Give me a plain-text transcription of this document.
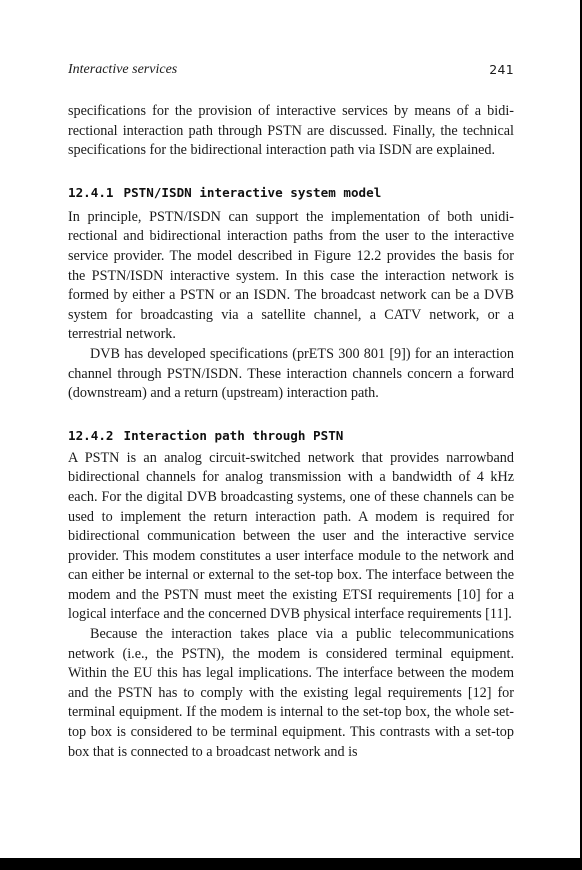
Interactive services	241

specifications for the provision of interactive services by means of a bidirectional interaction path through PSTN are discussed. Finally, the technical specifications for the bidirectional interaction path via ISDN are explained.

12.4.1 PSTN/ISDN interactive system model

In principle, PSTN/ISDN can support the implementation of both unidirectional and bidirectional interaction paths from the user to the interactive service provider. The model described in Figure 12.2 provides the basis for the PSTN/ISDN interactive system. In this case the interaction network is formed by either a PSTN or an ISDN. The broadcast network can be a DVB system for broadcasting via a satellite channel, a CATV network, or a terrestrial network.

DVB has developed specifications (prETS 300 801 [9]) for an interaction channel through PSTN/ISDN. These interaction channels concern a forward (downstream) and a return (upstream) interaction path.

12.4.2 Interaction path through PSTN

A PSTN is an analog circuit-switched network that provides narrowband bidirectional channels for analog transmission with a bandwidth of 4 kHz each. For the digital DVB broadcasting systems, one of these channels can be used to implement the return interaction path. A modem is required for bidirectional communication between the user and the interactive service provider. This modem constitutes a user interface module to the network and can either be internal or external to the set-top box. The interface between the modem and the PSTN must meet the existing ETSI requirements [10] for a logical interface and the concerned DVB physical interface requirements [11].

Because the interaction takes place via a public telecommunications network (i.e., the PSTN), the modem is considered terminal equipment. Within the EU this has legal implications. The interface between the modem and the PSTN has to comply with the existing legal requirements [12] for terminal equipment. If the modem is internal to the set-top box, the whole set-top box is considered to be terminal equipment. This contrasts with a set-top box that is connected to a broadcast network and is
